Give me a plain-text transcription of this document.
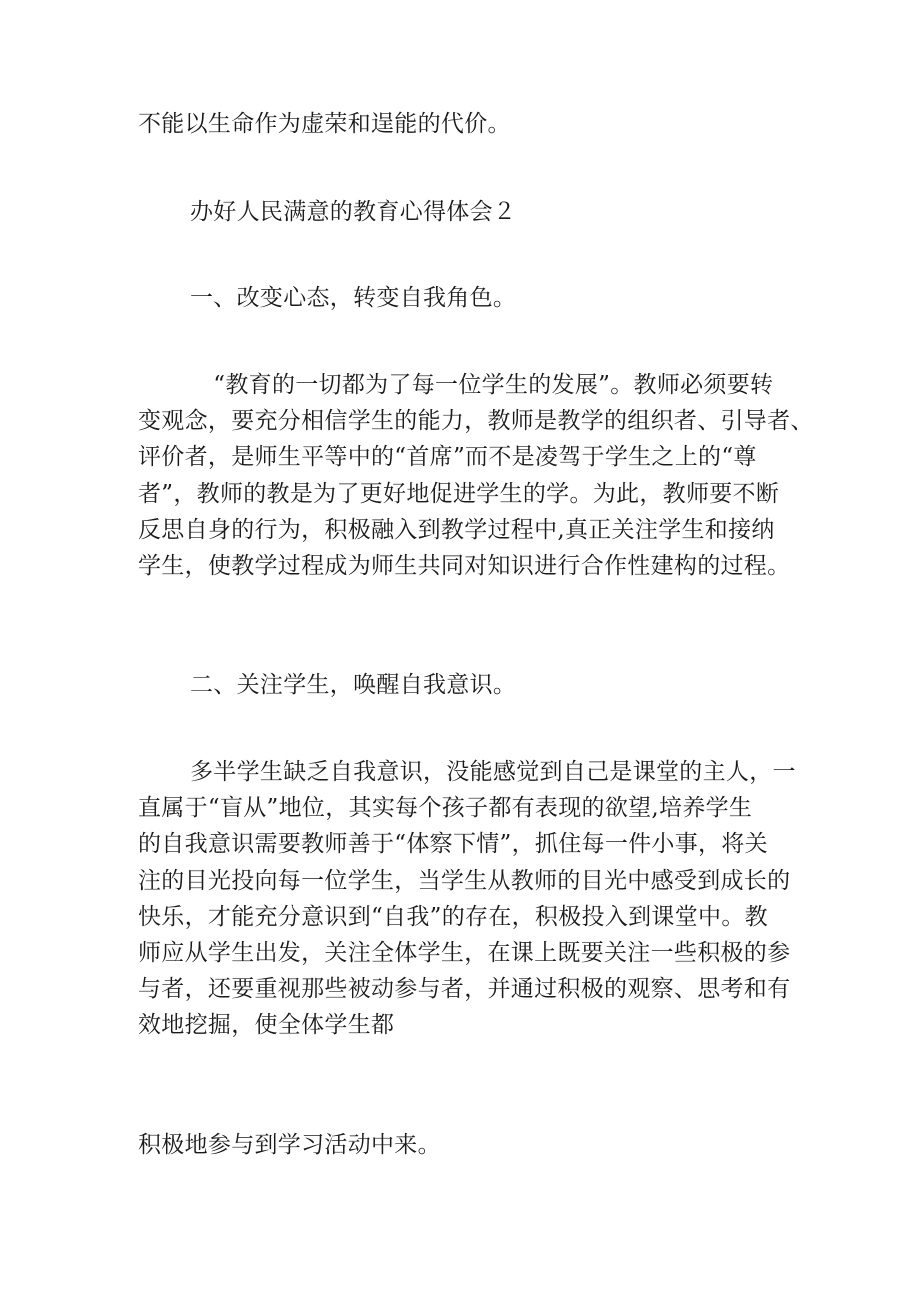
不能以生命作为虚荣和逞能的代价。
办好人民满意的教育心得体会２
一、改变心态，转变自我角色。
　“教育的一切都为了每一位学生的发展”。教师必须要转
变观念，要充分相信学生的能力，教师是教学的组织者、引导者、
评价者，是师生平等中的“首席”而不是凌驾于学生之上的“尊
者”，教师的教是为了更好地促进学生的学。为此，教师要不断
反思自身的行为，积极融入到教学过程中,真正关注学生和接纳
学生，使教学过程成为师生共同对知识进行合作性建构的过程。
二、关注学生，唤醒自我意识。
多半学生缺乏自我意识，没能感觉到自己是课堂的主人，一
直属于“盲从”地位，其实每个孩子都有表现的欲望,培养学生
的自我意识需要教师善于“体察下情”，抓住每一件小事，将关
注的目光投向每一位学生，当学生从教师的目光中感受到成长的
快乐，才能充分意识到“自我”的存在，积极投入到课堂中。教
师应从学生出发，关注全体学生，在课上既要关注一些积极的参
与者，还要重视那些被动参与者，并通过积极的观察、思考和有
效地挖掘，使全体学生都
积极地参与到学习活动中来。
